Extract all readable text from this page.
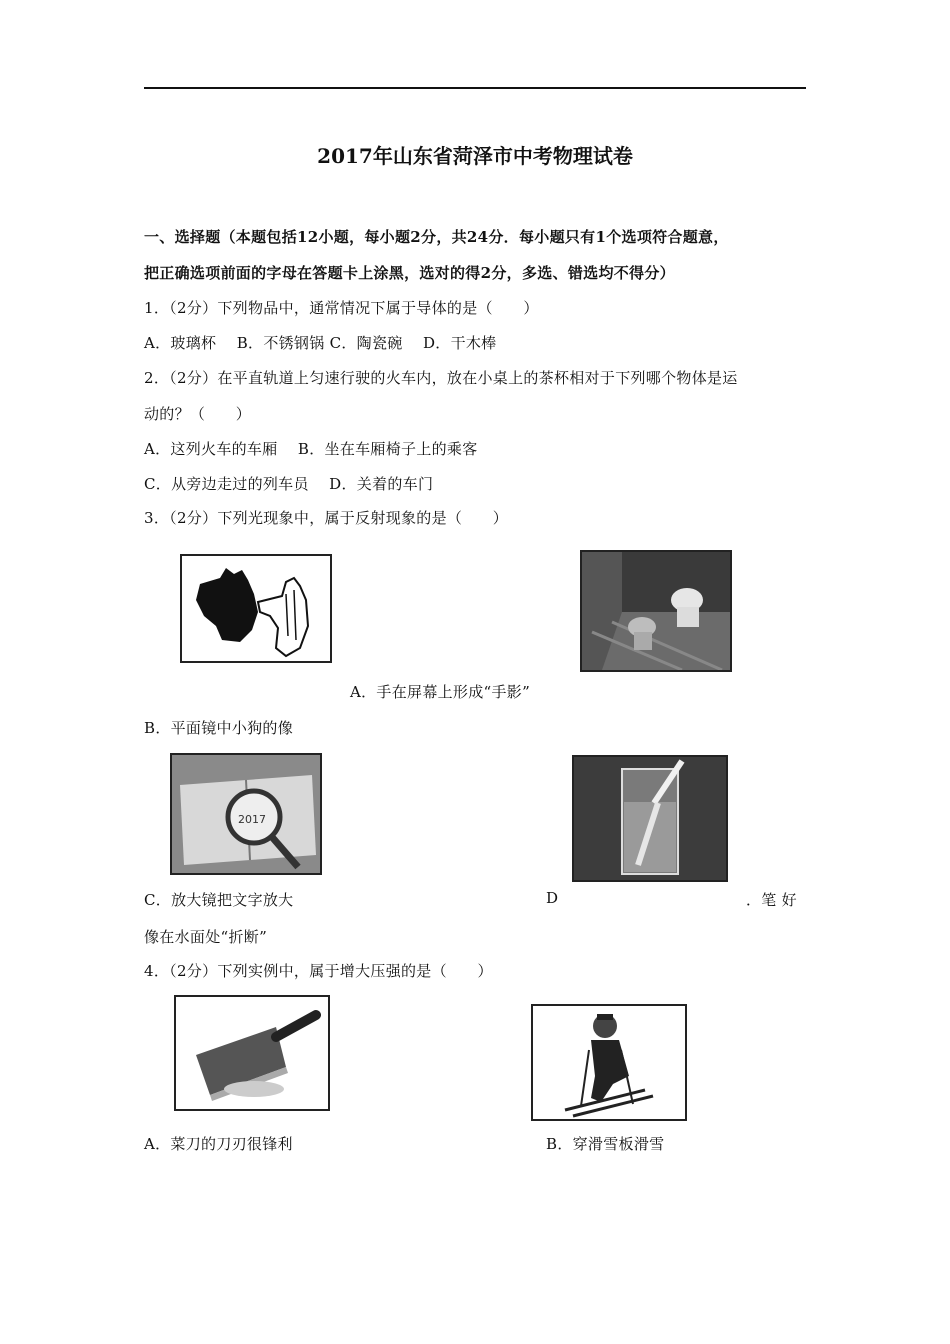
2017年山东省菏泽市中考物理试卷
一、选择题（本题包括12小题，每小题2分，共24分．每小题只有1个选项符合题意，
把正确选项前面的字母在答题卡上涂黑，选对的得2分，多选、错选均不得分）
1．（2分）下列物品中，通常情况下属于导体的是（　　）
A．玻璃杯　 B．不锈钢锅 C．陶瓷碗　 D．干木棒
2．（2分）在平直轨道上匀速行驶的火车内，放在小桌上的茶杯相对于下列哪个物体是运
动的？（　　）
A．这列火车的车厢　 B．坐在车厢椅子上的乘客
C．从旁边走过的列车员　 D．关着的车门
3．（2分）下列光现象中，属于反射现象的是（　　）
A．手在屏幕上形成“手影”
B．平面镜中小狗的像
2017
C．放大镜把文字放大	D	．笔 好
像在水面处“折断”
4．（2分）下列实例中，属于增大压强的是（　　）
A．菜刀的刀刃很锋利	B．穿滑雪板滑雪
